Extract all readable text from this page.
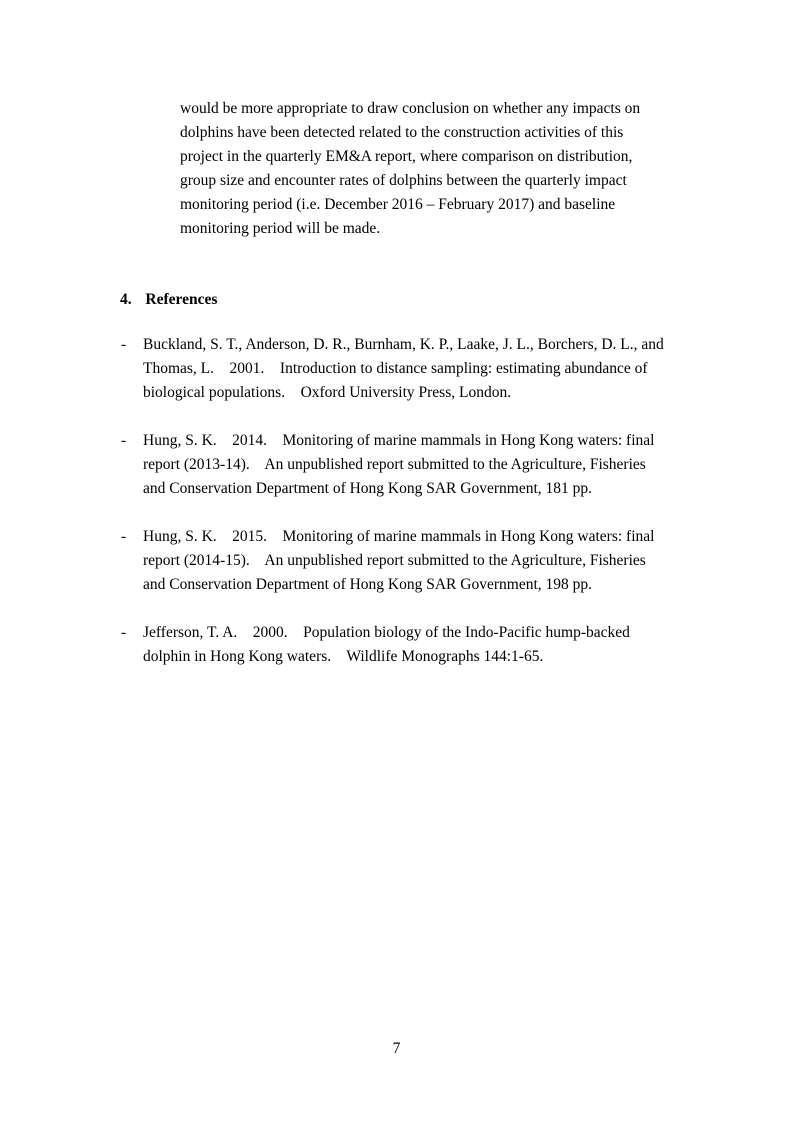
would be more appropriate to draw conclusion on whether any impacts on
dolphins have been detected related to the construction activities of this
project in the quarterly EM&A report, where comparison on distribution,
group size and encounter rates of dolphins between the quarterly impact
monitoring period (i.e. December 2016 – February 2017) and baseline
monitoring period will be made.
4. References
- Buckland, S. T., Anderson, D. R., Burnham, K. P., Laake, J. L., Borchers, D. L., and
Thomas, L.    2001.    Introduction to distance sampling: estimating abundance of
biological populations.    Oxford University Press, London.
- Hung, S. K.    2014.    Monitoring of marine mammals in Hong Kong waters: final
report (2013-14).    An unpublished report submitted to the Agriculture, Fisheries
and Conservation Department of Hong Kong SAR Government, 181 pp.
- Hung, S. K.    2015.    Monitoring of marine mammals in Hong Kong waters: final
report (2014-15).    An unpublished report submitted to the Agriculture, Fisheries
and Conservation Department of Hong Kong SAR Government, 198 pp.
- Jefferson, T. A.    2000.    Population biology of the Indo-Pacific hump-backed
dolphin in Hong Kong waters.    Wildlife Monographs 144:1-65.
7
